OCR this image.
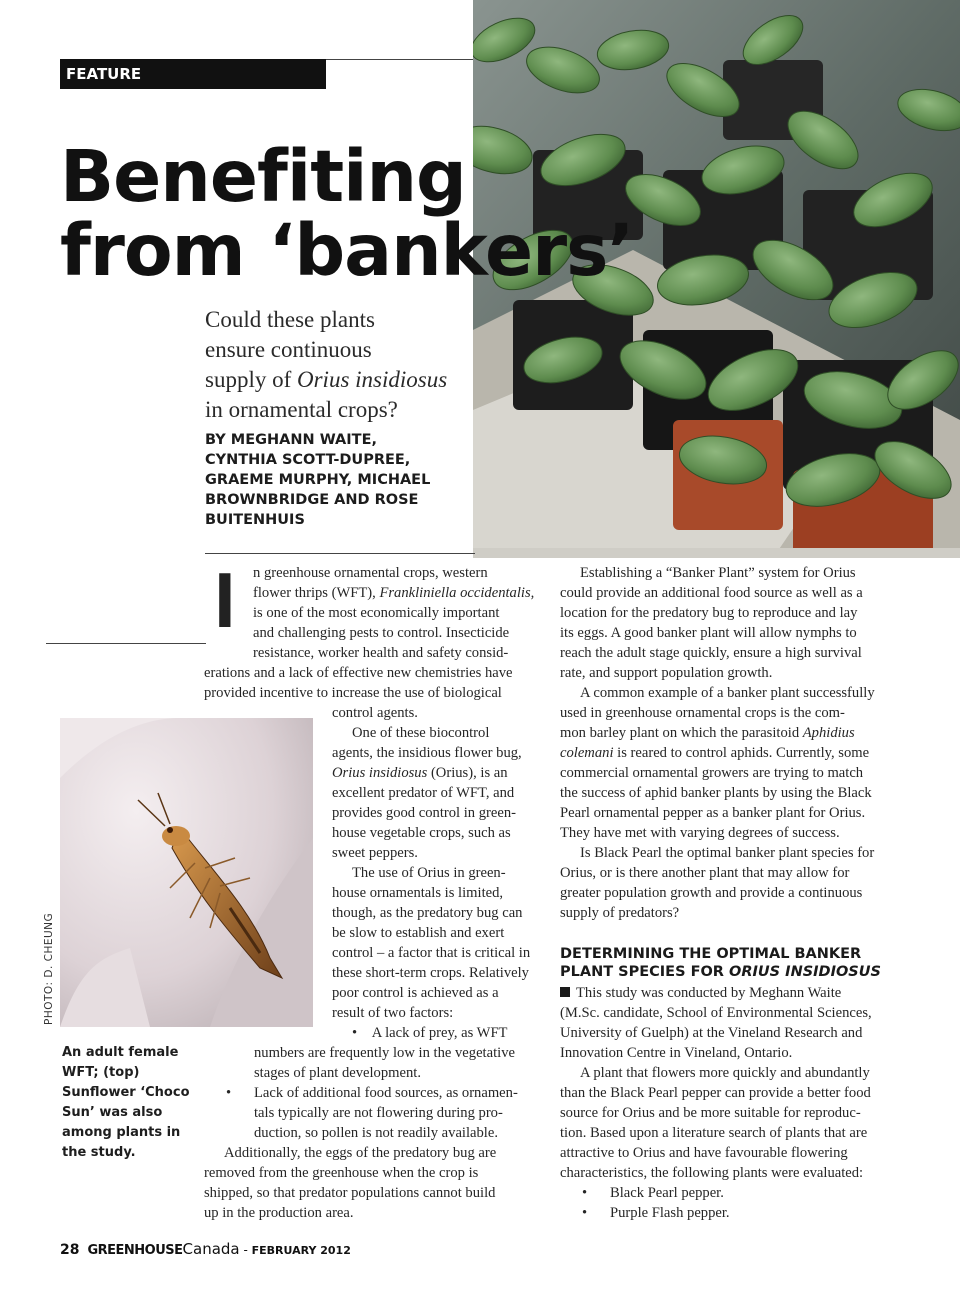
FEATURE
Benefiting
from ‘bankers’
Could these plants
ensure continuous
supply of Orius insidiosus
in ornamental crops?
BY MEGHANN WAITE,
CYNTHIA SCOTT-DUPREE,
GRAEME MURPHY, MICHAEL
BROWNBRIDGE AND ROSE
BUITENHUIS
I n greenhouse ornamental crops, western
flower thrips (WFT), Frankliniella occidentalis,
is one of the most economically important
and challenging pests to control. Insecticide
resistance, worker health and safety consid-
erations and a lack of effective new chemistries have
provided incentive to increase the use of biological
PHOTO: D. CHEUNG
An adult female
WFT; (top)
Sunflower ‘Choco
Sun’ was also
among plants in
the study.
control agents.
One of these biocontrol
agents, the insidious flower bug,
Orius insidiosus (Orius), is an
excellent predator of WFT, and
provides good control in green-
house vegetable crops, such as
sweet peppers.
The use of Orius in green-
house ornamentals is limited,
though, as the predatory bug can
be slow to establish and exert
control – a factor that is critical in
these short-term crops. Relatively
poor control is achieved as a
result of two factors:
• A lack of prey, as WFT
numbers are frequently low in the vegetative
stages of plant development.
• Lack of additional food sources, as ornamen-
tals typically are not flowering during pro-
duction, so pollen is not readily available.
Additionally, the eggs of the predatory bug are
removed from the greenhouse when the crop is
shipped, so that predator populations cannot build
up in the production area.
Establishing a “Banker Plant” system for Orius
could provide an additional food source as well as a
location for the predatory bug to reproduce and lay
its eggs. A good banker plant will allow nymphs to
reach the adult stage quickly, ensure a high survival
rate, and support population growth.
A common example of a banker plant successfully
used in greenhouse ornamental crops is the com-
mon barley plant on which the parasitoid Aphidius
colemani is reared to control aphids. Currently, some
commercial ornamental growers are trying to match
the success of aphid banker plants by using the Black
Pearl ornamental pepper as a banker plant for Orius.
They have met with varying degrees of success.
Is Black Pearl the optimal banker plant species for
Orius, or is there another plant that may allow for
greater population growth and provide a continuous
supply of predators?

DETERMINING THE OPTIMAL BANKER
PLANT SPECIES FOR ORIUS INSIDIOSUS

This study was conducted by Meghann Waite
(M.Sc. candidate, School of Environmental Sciences,
University of Guelph) at the Vineland Research and
Innovation Centre in Vineland, Ontario.
A plant that flowers more quickly and abundantly
than the Black Pearl pepper can provide a better food
source for Orius and be more suitable for reproduc-
tion. Based upon a literature search of plants that are
attractive to Orius and have favourable flowering
characteristics, the following plants were evaluated:
• Black Pearl pepper.
• Purple Flash pepper.
28 GREENHOUSECanada - FEBRUARY 2012
